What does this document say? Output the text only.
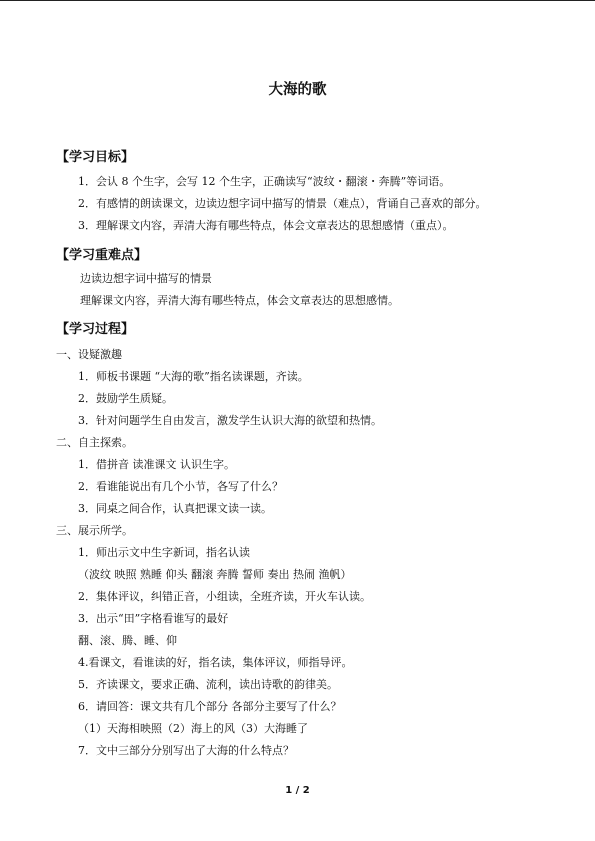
大海的歌
【学习目标】
1．会认 8 个生字，会写 12 个生字，正确读写“波纹・翻滚・奔腾”等词语。
2．有感情的朗读课文，边读边想字词中描写的情景（难点），背诵自己喜欢的部分。
3．理解课文内容，弄清大海有哪些特点，体会文章表达的思想感情（重点）。
【学习重难点】
边读边想字词中描写的情景
理解课文内容，弄清大海有哪些特点，体会文章表达的思想感情。
【学习过程】
一、设疑激趣
1．师板书课题 “大海的歌”指名读课题，齐读。
2．鼓励学生质疑。
3．针对问题学生自由发言，激发学生认识大海的欲望和热情。
二、自主探索。
1．借拼音 读准课文 认识生字。
2．看谁能说出有几个小节，各写了什么？
3．同桌之间合作，认真把课文读一读。
三、展示所学。
1．师出示文中生字新词，指名认读
（波纹 映照 熟睡 仰头 翻滚 奔腾 誓师 奏出 热闹 渔帆）
2．集体评议，纠错正音，小组读，全班齐读，开火车认读。
3．出示“田”字格看谁写的最好
翻、滚、腾、睡、仰
4.看课文，看谁读的好，指名读，集体评议，师指导评。
5．齐读课文，要求正确、流利，读出诗歌的韵律美。
6．请回答：课文共有几个部分 各部分主要写了什么？
（1）天海相映照（2）海上的风（3）大海睡了
7．文中三部分分别写出了大海的什么特点？
1 / 2
